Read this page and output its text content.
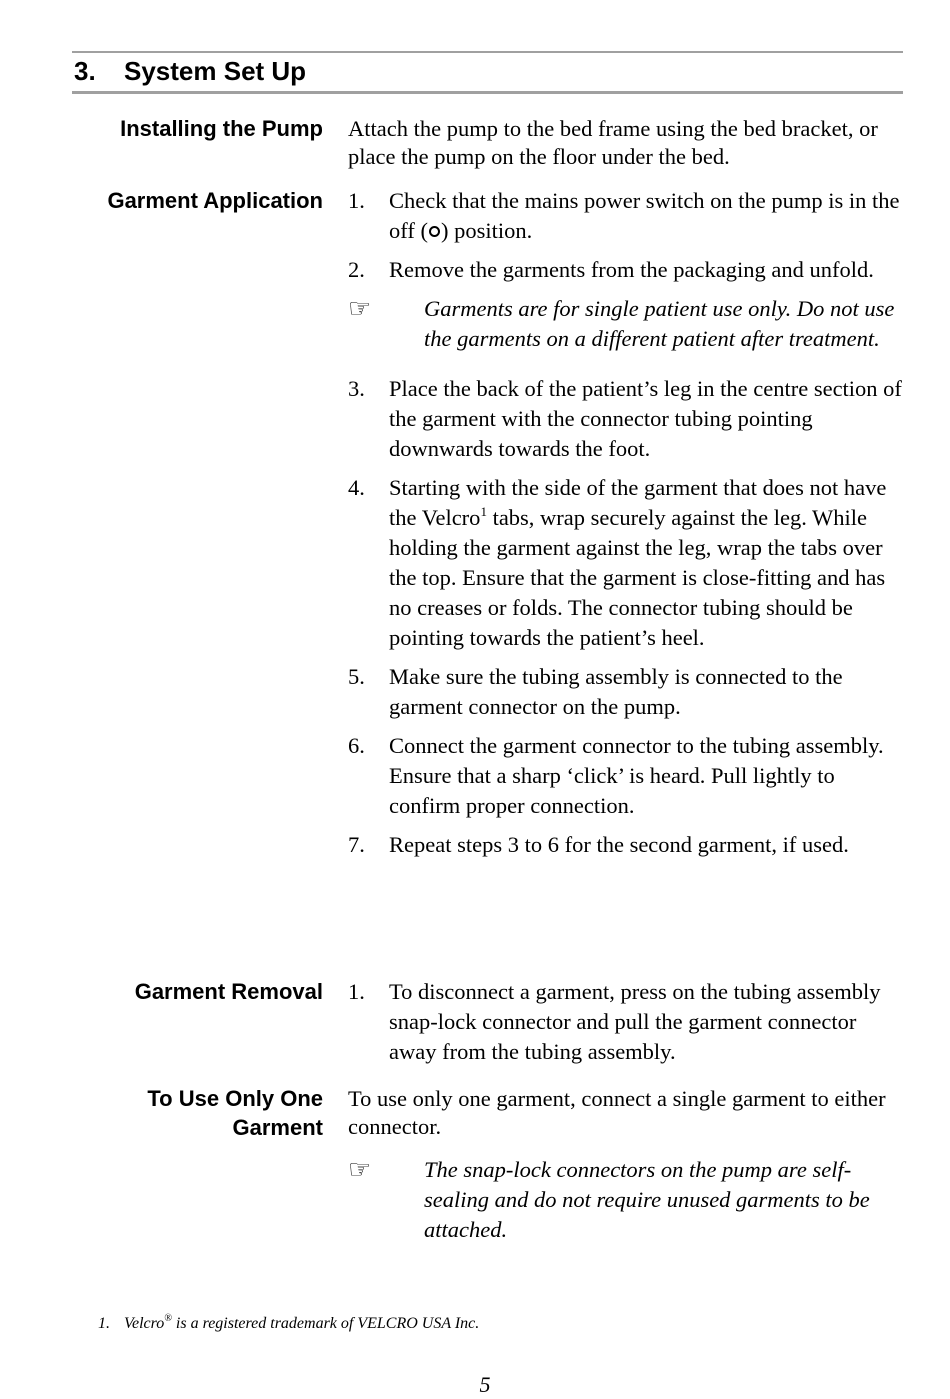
3. System Set Up
Installing the Pump Attach the pump to the bed frame using the bed bracket, or place the pump on the floor under the bed.

Garment Application 1. Check that the mains power switch on the pump is in the off ( ) position.
2. Remove the garments from the packaging and unfold.
☞ Garments are for single patient use only. Do not use the garments on a different patient after treatment.
3. Place the back of the patient’s leg in the centre section of the garment with the connector tubing pointing downwards towards the foot.
4. Starting with the side of the garment that does not have the Velcro$^1$ tabs, wrap securely against the leg. While holding the garment against the leg, wrap the tabs over the top. Ensure that the garment is close-fitting and has no creases or folds. The connector tubing should be pointing towards the patient’s heel.
5. Make sure the tubing assembly is connected to the garment connector on the pump.
6. Connect the garment connector to the tubing assembly. Ensure that a sharp ‘click’ is heard. Pull lightly to confirm proper connection.
7. Repeat steps 3 to 6 for the second garment, if used.
Garment Removal 1. To disconnect a garment, press on the tubing assembly snap-lock connector and pull the garment connector away from the tubing assembly.
To Use Only One
Garment

To use only one garment, connect a single garment to either connector.

☞ The snap-lock connectors on the pump are self-sealing and do not require unused garments to be attached.
1. Velcro® is a registered trademark of VELCRO USA Inc.
5
